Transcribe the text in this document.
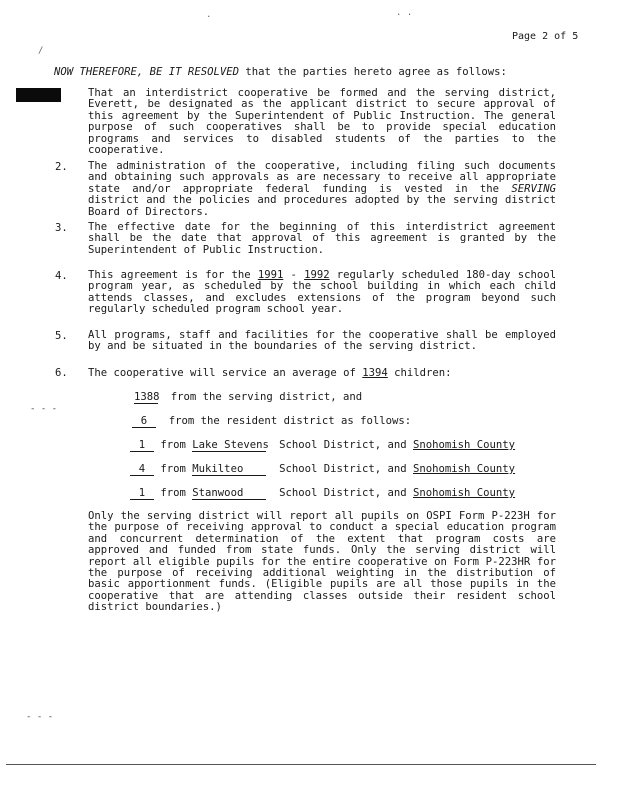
Page 2 of 5
NOW THEREFORE, BE IT RESOLVED that the parties hereto agree as follows:
That an interdistrict cooperative be formed and the serving district, Everett, be designated as the applicant district to secure approval of this agreement by the Superintendent of Public Instruction. The general purpose of such cooperatives shall be to provide special education programs and services to disabled students of the parties to the cooperative.
2. The administration of the cooperative, including filing such documents and obtaining such approvals as are necessary to receive all appropriate state and/or appropriate federal funding is vested in the SERVING district and the policies and procedures adopted by the serving district Board of Directors.
3. The effective date for the beginning of this interdistrict agreement shall be the date that approval of this agreement is granted by the Superintendent of Public Instruction.
4. This agreement is for the 1991 - 1992 regularly scheduled 180-day school program year, as scheduled by the school building in which each child attends classes, and excludes extensions of the program beyond such regularly scheduled program school year.
5. All programs, staff and facilities for the cooperative shall be employed by and be situated in the boundaries of the serving district.
6. The cooperative will service an average of 1394 children:
1388 from the serving district, and
6 from the resident district as follows:
1 from Lake Stevens School District, and Snohomish County
4 from Mukilteo	School District, and Snohomish County
1 from Stanwood	School District, and Snohomish County
Only the serving district will report all pupils on OSPI Form P-223H for the purpose of receiving approval to conduct a special education program and concurrent determination of the extent that program costs are approved and funded from state funds. Only the serving district will report all eligible pupils for the entire cooperative on Form P-223HR for the purpose of receiving additional weighting in the distribution of basic apportionment funds. (Eligible pupils are all those pupils in the cooperative that are attending classes outside their resident school district boundaries.)
- - -
- - -
.	. .
/
